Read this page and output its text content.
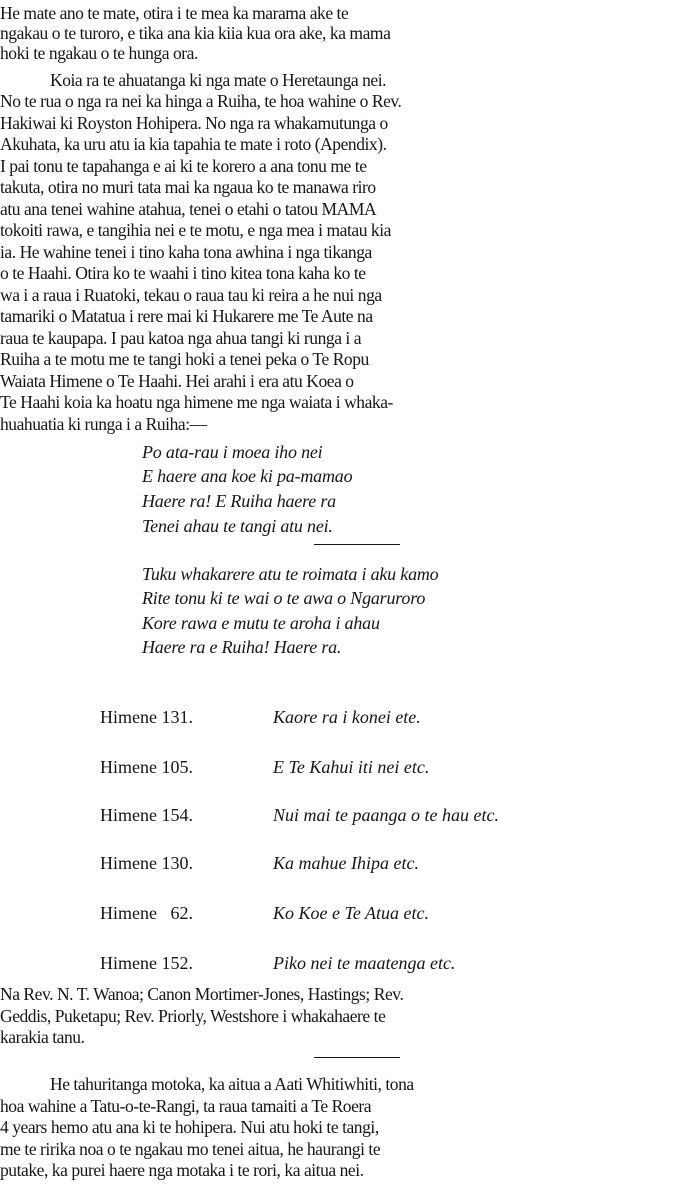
He mate ano te mate, otira i te mea ka marama ake te
ngakau o te turoro, e tika ana kia kiia kua ora ake, ka mama
hoki te ngakau o te hunga ora.
Koia ra te ahuatanga ki nga mate o Heretaunga nei.
No te rua o nga ra nei ka hinga a Ruiha, te hoa wahine o Rev.
Hakiwai ki Royston Hohipera. No nga ra whakamutunga o
Akuhata, ka uru atu ia kia tapahia te mate i roto (Apendix).
I pai tonu te tapahanga e ai ki te korero a ana tonu me te
takuta, otira no muri tata mai ka ngaua ko te manawa riro
atu ana tenei wahine atahua, tenei o etahi o tatou MAMA
tokoiti rawa, e tangihia nei e te motu, e nga mea i matau kia
ia. He wahine tenei i tino kaha tona awhina i nga tikanga
o te Haahi. Otira ko te waahi i tino kitea tona kaha ko te
wa i a raua i Ruatoki, tekau o raua tau ki reira a he nui nga
tamariki o Matatua i rere mai ki Hukarere me Te Aute na
raua te kaupapa. I pau katoa nga ahua tangi ki runga i a
Ruiha a te motu me te tangi hoki a tenei peka o Te Ropu
Waiata Himene o Te Haahi. Hei arahi i era atu Koea o
Te Haahi koia ka hoatu nga himene me nga waiata i whaka-
huahuatia ki runga i a Ruiha:—
Po ata-rau i moea iho nei
E haere ana koe ki pa-mamao
Haere ra! E Ruiha haere ra
Tenei ahau te tangi atu nei.
Tuku whakarere atu te roimata i aku kamo
Rite tonu ki te wai o te awa o Ngaruroro
Kore rawa e mutu te aroha i ahau
Haere ra e Ruiha! Haere ra.
Himene 131.	Kaore ra i konei ete.
Himene 105.	E Te Kahui iti nei etc.
Himene 154.	Nui mai te paanga o te hau etc.
Himene 130.	Ka mahue Ihipa etc.
Himene   62.	Ko Koe e Te Atua etc.
Himene 152.	Piko nei te maatenga etc.
Na Rev. N. T. Wanoa; Canon Mortimer-Jones, Hastings; Rev.
Geddis, Puketapu; Rev. Priorly, Westshore i whakahaere te
karakia tanu.
He tahuritanga motoka, ka aitua a Aati Whitiwhiti, tona
hoa wahine a Tatu-o-te-Rangi, ta raua tamaiti a Te Roera
4 years hemo atu ana ki te hohipera. Nui atu hoki te tangi,
me te ririka noa o te ngakau mo tenei aitua, he haurangi te
putake, ka purei haere nga motaka i te rori, ka aitua nei.
